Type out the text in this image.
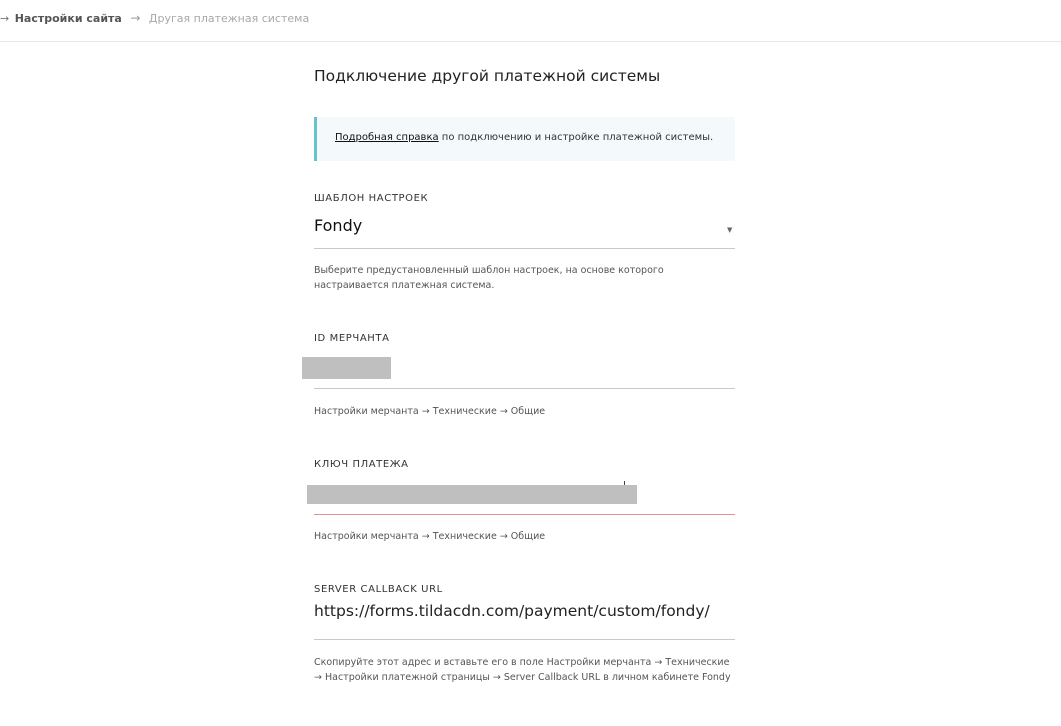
→ Настройки сайта → Другая платежная система
Подключение другой платежной системы
Подробная справка по подключению и настройке платежной системы.
ШАБЛОН НАСТРОЕК
Fondy	▼
Выберите предустановленный шаблон настроек, на основе которого настраивается платежная система.
ID МЕРЧАНТА
Настройки мерчанта → Технические → Общие
КЛЮЧ ПЛАТЕЖА
Настройки мерчанта → Технические → Общие
SERVER CALLBACK URL
https://forms.tildacdn.com/payment/custom/fondy/
Скопируйте этот адрес и вставьте его в поле Настройки мерчанта → Технические → Настройки платежной страницы → Server Callback URL в личном кабинете Fondy
